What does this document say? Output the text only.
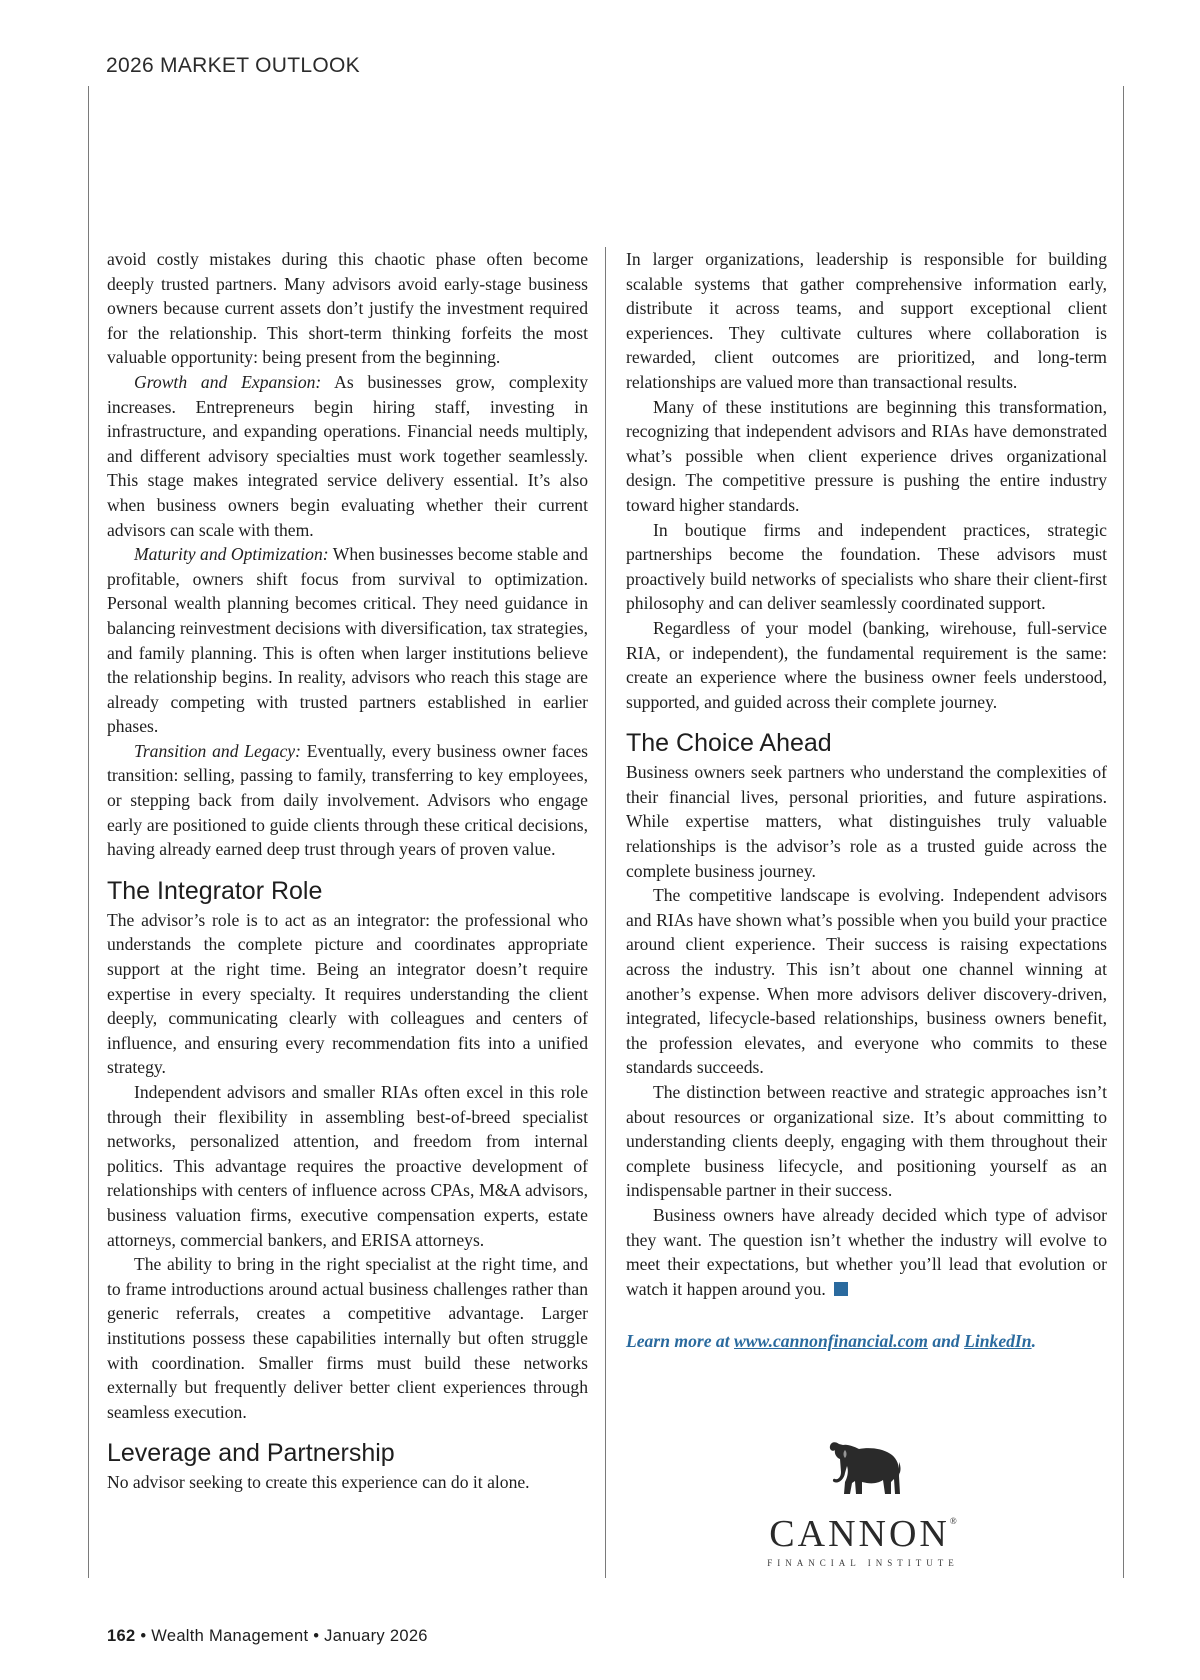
2026 MARKET OUTLOOK

avoid costly mistakes during this chaotic phase often become deeply trusted partners. Many advisors avoid early-stage business owners because current assets don’t justify the investment required for the relationship. This short-term thinking forfeits the most valuable opportunity: being present from the beginning.

Growth and Expansion: As businesses grow, complexity increases. Entrepreneurs begin hiring staff, investing in infrastructure, and expanding operations. Financial needs multiply, and different advisory specialties must work together seamlessly. This stage makes integrated service delivery essential. It’s also when business owners begin evaluating whether their current advisors can scale with them.

Maturity and Optimization: When businesses become stable and profitable, owners shift focus from survival to optimization. Personal wealth planning becomes critical. They need guidance in balancing reinvestment decisions with diversification, tax strategies, and family planning. This is often when larger institutions believe the relationship begins. In reality, advisors who reach this stage are already competing with trusted partners established in earlier phases.

Transition and Legacy: Eventually, every business owner faces transition: selling, passing to family, transferring to key employees, or stepping back from daily involvement. Advisors who engage early are positioned to guide clients through these critical decisions, having already earned deep trust through years of proven value.

The Integrator Role

The advisor’s role is to act as an integrator: the professional who understands the complete picture and coordinates appropriate support at the right time. Being an integrator doesn’t require expertise in every specialty. It requires understanding the client deeply, communicating clearly with colleagues and centers of influence, and ensuring every recommendation fits into a unified strategy.

Independent advisors and smaller RIAs often excel in this role through their flexibility in assembling best-of-breed specialist networks, personalized attention, and freedom from internal politics. This advantage requires the proactive development of relationships with centers of influence across CPAs, M&A advisors, business valuation firms, executive compensation experts, estate attorneys, commercial bankers, and ERISA attorneys.

The ability to bring in the right specialist at the right time, and to frame introductions around actual business challenges rather than generic referrals, creates a competitive advantage. Larger institutions possess these capabilities internally but often struggle with coordination. Smaller firms must build these networks externally but frequently deliver better client experiences through seamless execution.

Leverage and Partnership

No advisor seeking to create this experience can do it alone.

In larger organizations, leadership is responsible for building scalable systems that gather comprehensive information early, distribute it across teams, and support exceptional client experiences. They cultivate cultures where collaboration is rewarded, client outcomes are prioritized, and long-term relationships are valued more than transactional results.

Many of these institutions are beginning this transformation, recognizing that independent advisors and RIAs have demonstrated what’s possible when client experience drives organizational design. The competitive pressure is pushing the entire industry toward higher standards.

In boutique firms and independent practices, strategic partnerships become the foundation. These advisors must proactively build networks of specialists who share their client-first philosophy and can deliver seamlessly coordinated support.

Regardless of your model (banking, wirehouse, full-service RIA, or independent), the fundamental requirement is the same: create an experience where the business owner feels understood, supported, and guided across their complete journey.

The Choice Ahead

Business owners seek partners who understand the complexities of their financial lives, personal priorities, and future aspirations. While expertise matters, what distinguishes truly valuable relationships is the advisor’s role as a trusted guide across the complete business journey.

The competitive landscape is evolving. Independent advisors and RIAs have shown what’s possible when you build your practice around client experience. Their success is raising expectations across the industry. This isn’t about one channel winning at another’s expense. When more advisors deliver discovery-driven, integrated, lifecycle-based relationships, business owners benefit, the profession elevates, and everyone who commits to these standards succeeds.

The distinction between reactive and strategic approaches isn’t about resources or organizational size. It’s about committing to understanding clients deeply, engaging with them throughout their complete business lifecycle, and positioning yourself as an indispensable partner in their success.

Business owners have already decided which type of advisor they want. The question isn’t whether the industry will evolve to meet their expectations, but whether you’ll lead that evolution or watch it happen around you.

Learn more at www.cannonfinancial.com and LinkedIn.
CANNON®
FINANCIAL INSTITUTE
162 • Wealth Management • January 2026
